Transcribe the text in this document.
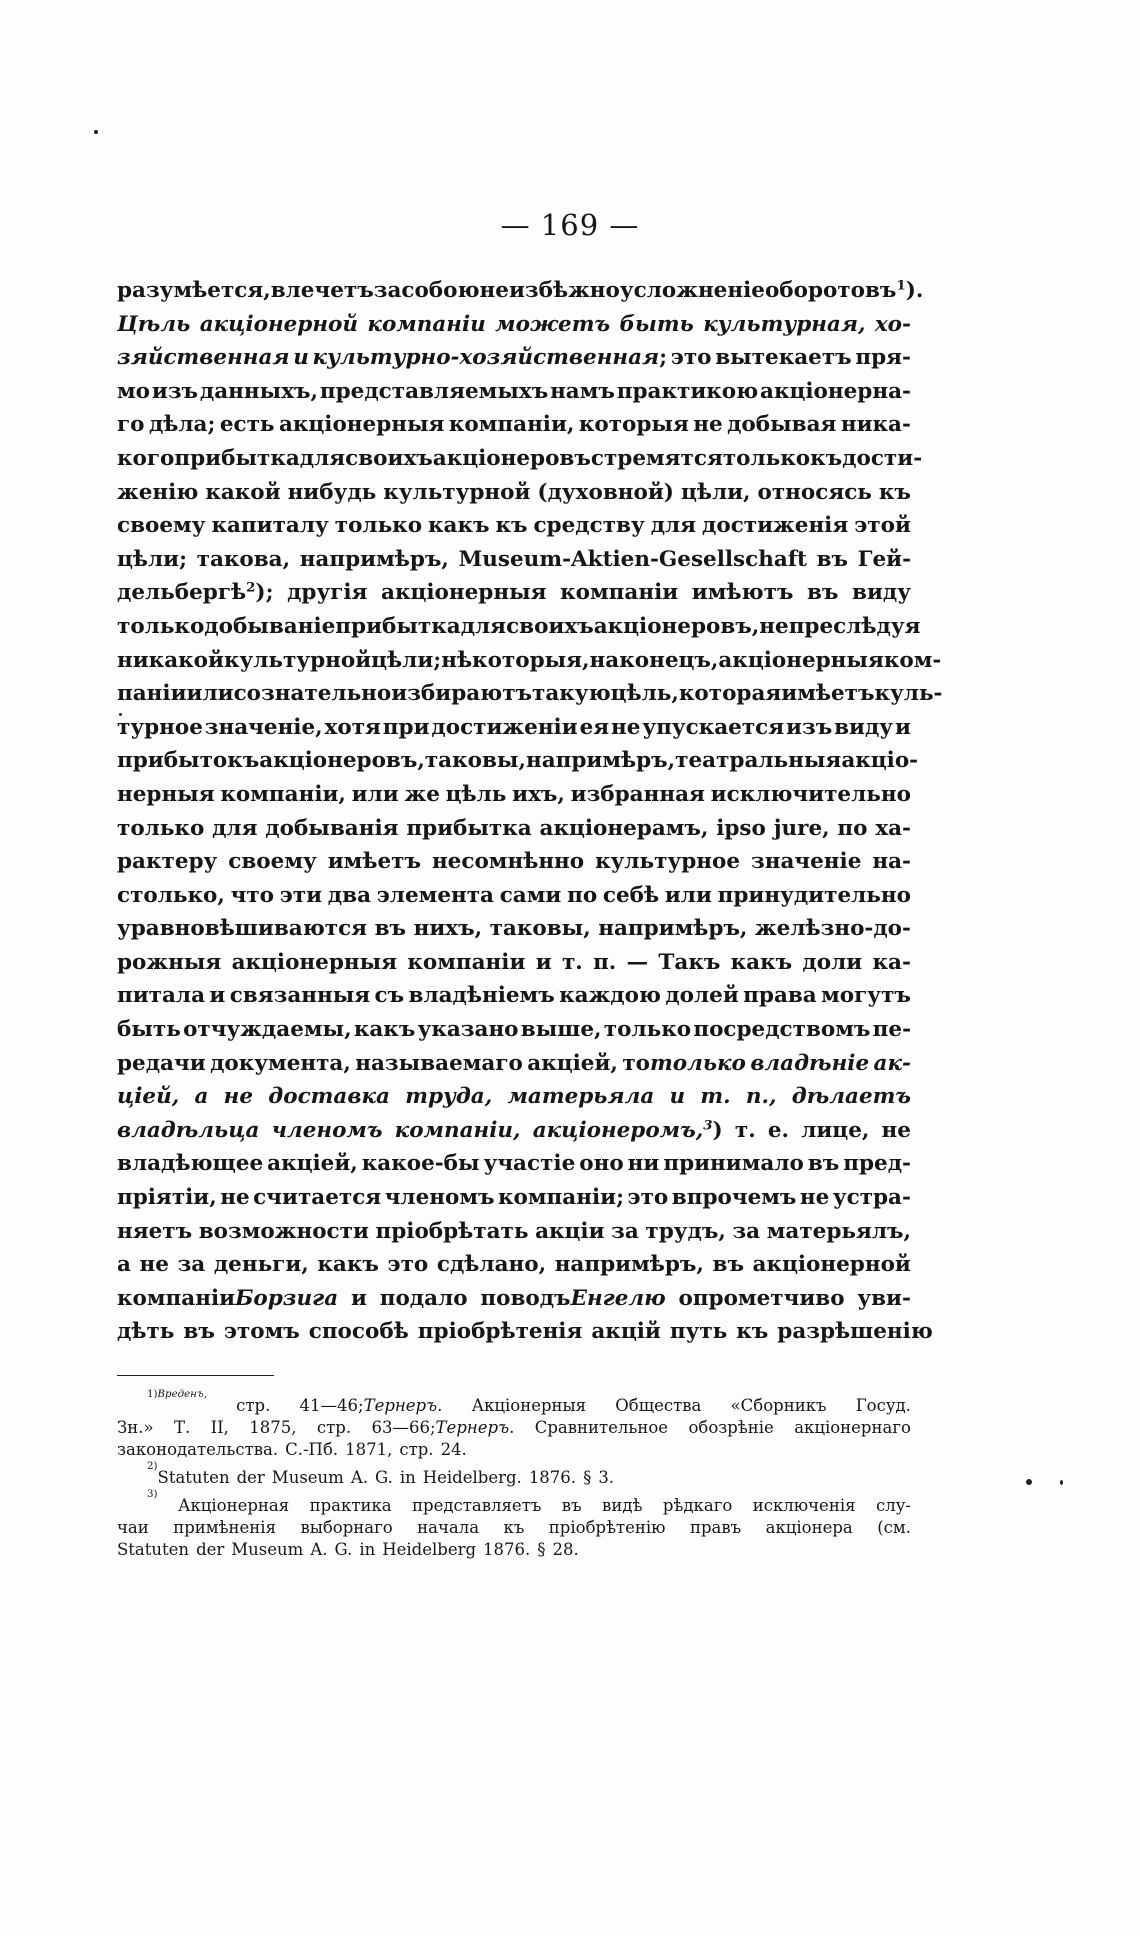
— 169 —
разумѣется, влечетъ за собою неизбѣжно усложненіе оборотовъ$^1$).
Цѣль акціонерной компаніи можетъ быть культурная, хо-
зяйственная и культурно-хозяйственная; это вытекаетъ пря-
мо изъ данныхъ, представляемыхъ намъ практикою акціонерна-
го дѣла; есть акціонерныя компаніи, которыя не добывая ника-
кого прибытка для своихъ акціонеровъ стремятся только къ дости-
женію какой нибудь культурной (духовной) цѣли, относясь къ
своему капиталу только какъ къ средству для достиженія этой
цѣли; такова, напримѣръ, Museum-Aktien-Gesellschaft въ Гей-
дельбергѣ$^2$); другія акціонерныя компаніи имѣютъ въ виду
только добываніе прибытка для своихъ акціонеровъ, не преслѣдуя
никакой культурной цѣли; нѣкоторыя, наконецъ, акціонерныя ком-
паніи или сознательно избираютъ такую цѣль, которая имѣетъ куль-
турное значеніе, хотя при достиженіи ея не упускается изъ виду и
прибытокъ акціонеровъ, таковы, напримѣръ, театральныя акціо-
нерныя компаніи, или же цѣль ихъ, избранная исключительно
только для добыванія прибытка акціонерамъ, ipso jure, по ха-
рактеру своему имѣетъ несомнѣнно культурное значеніе на-
столько, что эти два элемента сами по себѣ или принудительно
уравновѣшиваются въ нихъ, таковы, напримѣръ, желѣзно-до-
рожныя акціонерныя компаніи и т. п. — Такъ какъ доли ка-
питала и связанныя съ владѣніемъ каждою долей права могутъ
быть отчуждаемы, какъ указано выше, только посредствомъ пе-
редачи документа, называемаго акціей, тотолько владѣніе ак-
ціей, а не доставка труда, матерьяла и т. п., дѣлаетъ
владѣльца членомъ компаніи, акціонеромъ,$^3$) т. е. лице, не
владѣющее акціей, какое-бы участіе оно ни принимало въ пред-
пріятіи, не считается членомъ компаніи; это впрочемъ не устра-
няетъ возможности пріобрѣтать акціи за трудъ, за матерьялъ,
а не за деньги, какъ это сдѣлано, напримѣръ, въ акціонерной
компаніиБорзига и подало поводъЕнгелю опрометчиво уви-
дѣть въ этомъ способѣ пріобрѣтенія акцій путь къ разрѣшенію
1)Вреденъ,
стр. 41—46;Тернеръ. Акціонерныя Общества «Сборникъ Госуд.
Зн.» Т. II, 1875, стр. 63—66;Тернеръ. Сравнительное обозрѣніе акціонернаго
законодательства. С.-Пб. 1871, стр. 24.
2)
Statuten der Museum A. G. in Heidelberg. 1876. § 3.
3)
Акціонерная практика представляетъ въ видѣ рѣдкаго исключенія слу-
чаи примѣненія выборнаго начала къ пріобрѣтенію правъ акціонера (см.
Statuten der Museum A. G. in Heidelberg 1876. § 28.
